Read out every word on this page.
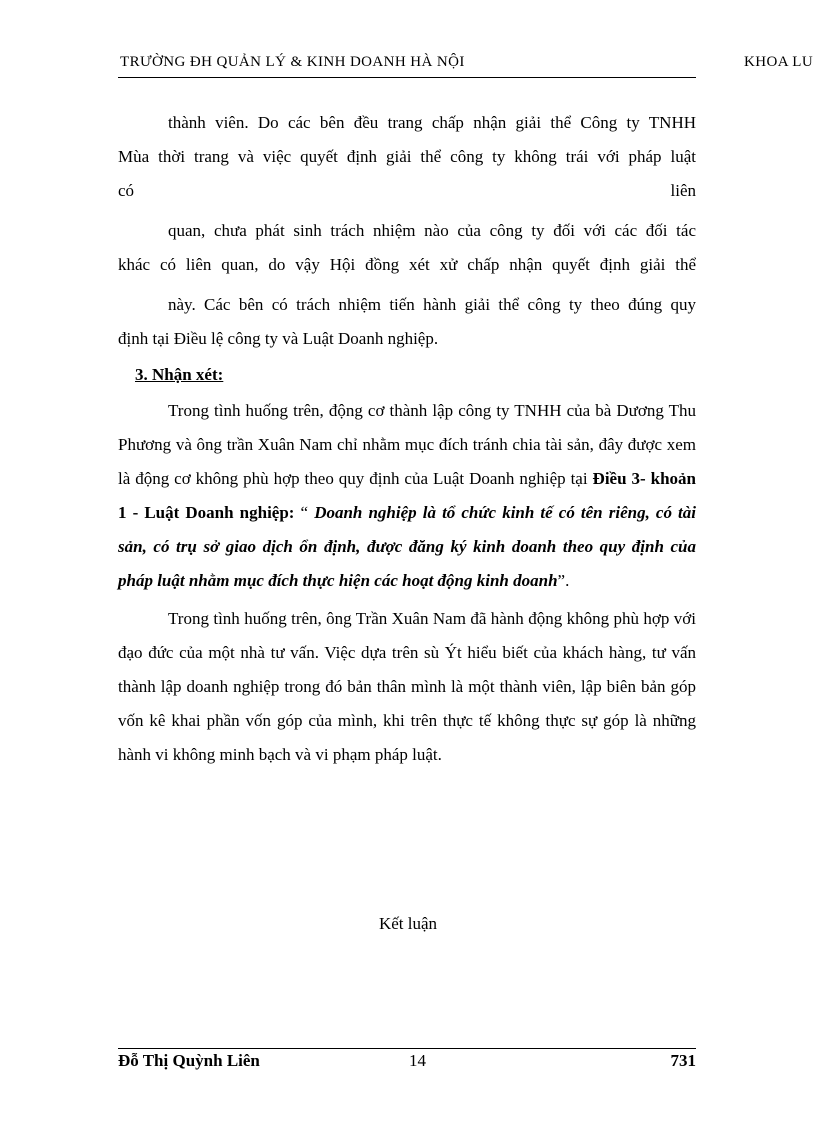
TRƯỜNG ĐH QUẢN LÝ & KINH DOANH HÀ NỘI	KHOA LU

thành viên. Do các bên đều trang chấp nhận giải thể Công ty TNHH

Mùa thời trang và việc quyết định giải thể công ty không trái với pháp luật

có	liên

quan, chưa phát sinh trách nhiệm nào của công ty đối với các đối tác

khác có liên quan, do vậy Hội đồng xét xử chấp nhận quyết định giải thể

này. Các bên có trách nhiệm tiến hành giải thể công ty theo đúng quy

định tại Điều lệ công ty và Luật Doanh nghiệp.

3. Nhận xét:

Trong tình huống trên, động cơ thành lập công ty TNHH của bà Dương Thu Phương và ông trần Xuân Nam chỉ nhằm mục đích tránh chia tài sản, đây được xem là động cơ không phù hợp theo quy định của Luật Doanh nghiệp tại Điều 3- khoản 1 - Luật Doanh nghiệp: “ Doanh nghiệp là tổ chức kinh tế có tên riêng, có tài sản, có trụ sở giao dịch ổn định, được đăng ký kinh doanh theo quy định của pháp luật nhằm mục đích thực hiện các hoạt động kinh doanh”.

Trong tình huống trên, ông Trần Xuân Nam đã hành động không phù hợp với đạo đức của một nhà tư vấn. Việc dựa trên sù Ýt hiểu biết của khách hàng, tư vấn thành lập doanh nghiệp trong đó bản thân mình là một thành viên, lập biên bản góp vốn kê khai phần vốn góp của mình, khi trên thực tế không thực sự góp là những hành vi không minh bạch và vi phạm pháp luật.

Kết luận
Đỗ Thị Quỳnh Liên	14	731
